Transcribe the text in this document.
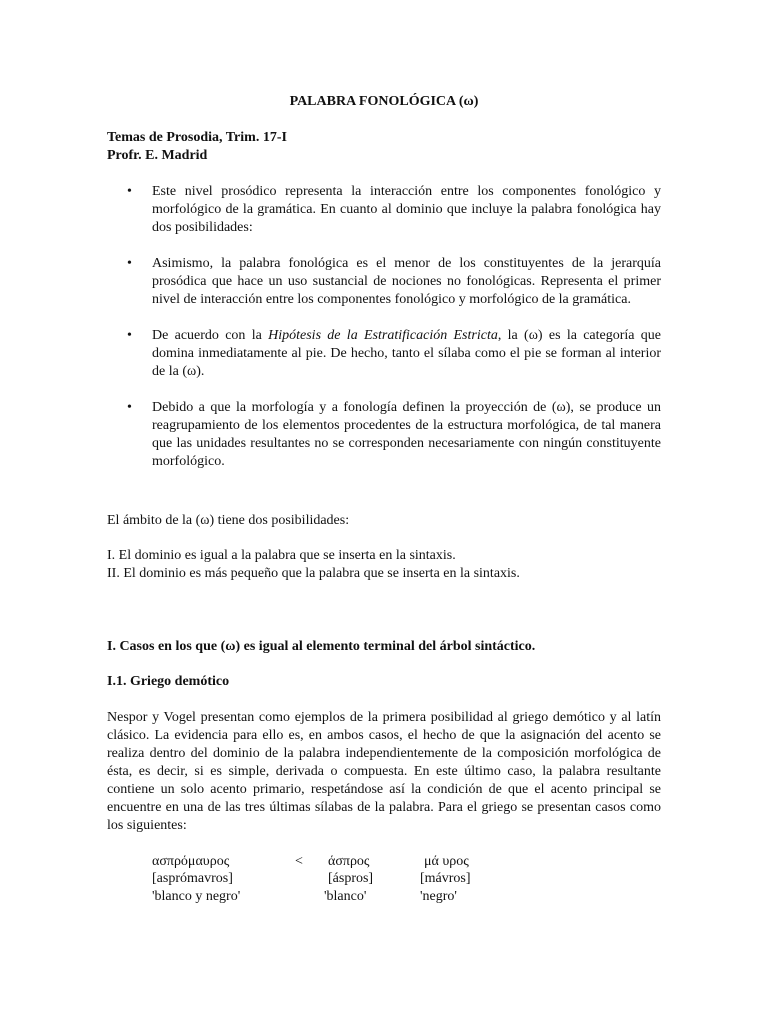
PALABRA FONOLÓGICA (ω)
Temas de Prosodia, Trim. 17-I
Profr. E. Madrid
• Este nivel prosódico representa la interacción entre los componentes fonológico y morfológico de la gramática. En cuanto al dominio que incluye la palabra fonológica hay dos posibilidades:
• Asimismo, la palabra fonológica es el menor de los constituyentes de la jerarquía prosódica que hace un uso sustancial de nociones no fonológicas. Representa el primer nivel de interacción entre los componentes fonológico y morfológico de la gramática.
• De acuerdo con la Hipótesis de la Estratificación Estricta, la (ω) es la categoría que domina inmediatamente al pie. De hecho, tanto el sílaba como el pie se forman al interior de la (ω).
• Debido a que la morfología y a fonología definen la proyección de (ω), se produce un reagrupamiento de los elementos procedentes de la estructura morfológica, de tal manera que las unidades resultantes no se corresponden necesariamente con ningún constituyente morfológico.
El ámbito de la (ω) tiene dos posibilidades:
I. El dominio es igual a la palabra que se inserta en la sintaxis.
II. El dominio es más pequeño que la palabra que se inserta en la sintaxis.
I. Casos en los que (ω) es igual al elemento terminal del árbol sintáctico.
I.1. Griego demótico
Nespor y Vogel presentan como ejemplos de la primera posibilidad al griego demótico y al latín clásico. La evidencia para ello es, en ambos casos, el hecho de que la asignación del acento se realiza dentro del dominio de la palabra independientemente de la composición morfológica de ésta, es decir, si es simple, derivada o compuesta. En este último caso, la palabra resultante contiene un solo acento primario, respetándose así la condición de que el acento principal se encuentre en una de las tres últimas sílabas de la palabra. Para el griego se presentan casos como los siguientes:
ασπρόμαυρος	< άσπρος	μά υρος
[asprómavros]	[áspros]	[mávros]
'blanco y negro'	'blanco'	'negro'
